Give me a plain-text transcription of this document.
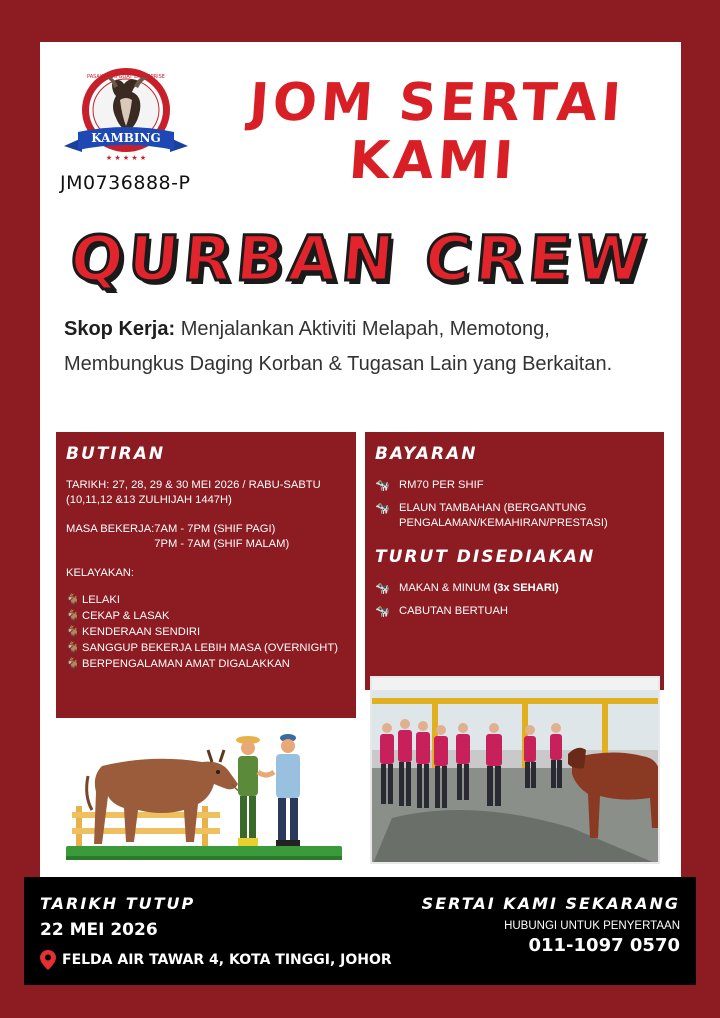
KAMBING
★ ★ ★ ★ ★
PASAK PLUS GOAT ENTERPRISE
JM0736888-P
JOM SERTAI
KAMI
QURBAN CREW
Skop Kerja: Menjalankan Aktiviti Melapah, Memotong, Membungkus Daging Korban & Tugasan Lain yang Berkaitan.
BUTIRAN

TARIKH: 27, 28, 29 & 30 MEI 2026 / RABU-SABTU (10,11,12 &13 ZULHIJAH 1447H)

MASA BEKERJA: 7AM - 7PM (SHIF PAGI)

7PM - 7AM (SHIF MALAM)

KELAYAKAN:

🐐 LELAKI
🐐 CEKAP & LASAK
🐐 KENDERAAN SENDIRI
🐐 SANGGUP BEKERJA LEBIH MASA (OVERNIGHT)
🐐 BERPENGALAMAN AMAT DIGALAKKAN
BAYARAN
🐄 RM70 PER SHIF
🐄 ELAUN TAMBAHAN (BERGANTUNG PENGALAMAN/KEMAHIRAN/PRESTASI)
TURUT DISEDIAKAN
🐄 MAKAN & MINUM (3x SEHARI)
🐄 CABUTAN BERTUAH
TARIKH TUTUP
22 MEI 2026
FELDA AIR TAWAR 4, KOTA TINGGI, JOHOR
SERTAI KAMI SEKARANG
HUBUNGI UNTUK PENYERTAAN
011-1097 0570
